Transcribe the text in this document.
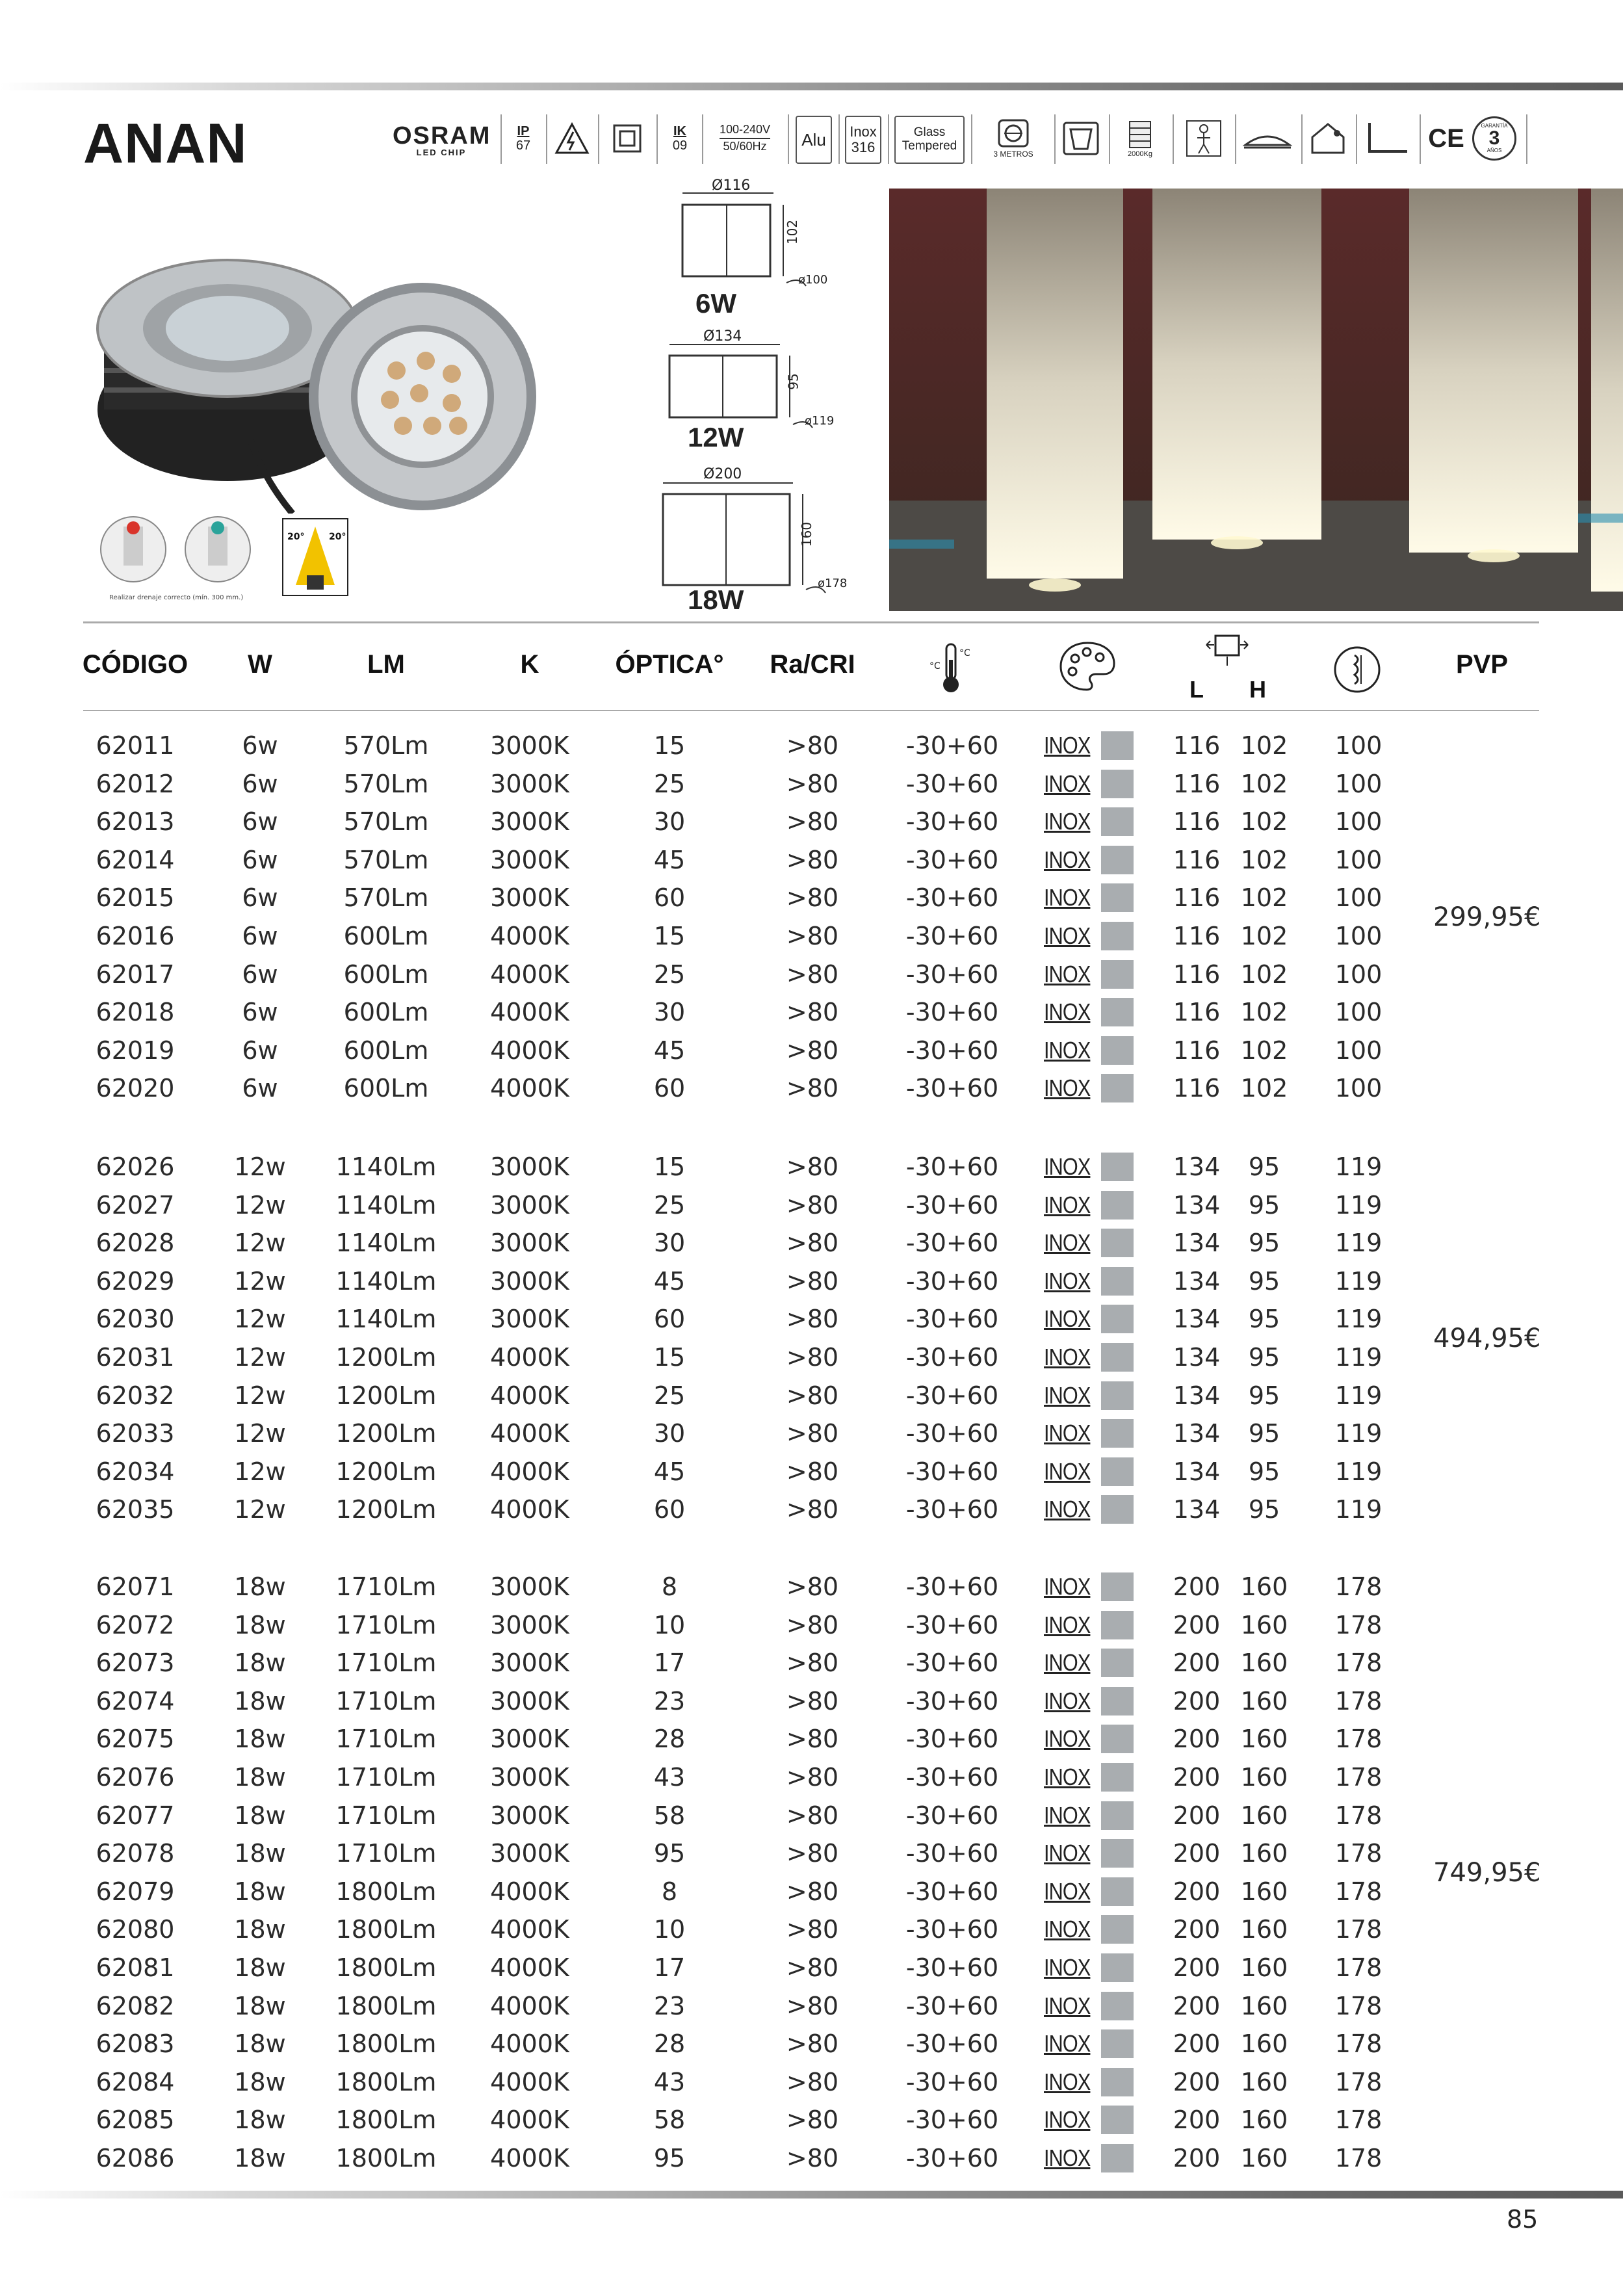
ANAN	OSRAM
LED CHIP
IP
67
IK
09
100-240V
50/60Hz Alu Inox
316
Glass
Tempered
3 METROS	2000Kg
CE	GARANTÍA
3
AÑOS
20°	20°
Realizar drenaje correcto (mín. 300 mm.)
Ø116
102
ø100
6W
Ø134
95
ø119
12W
Ø200
160
ø178
18W
CÓDIGO W	LM	K	ÓPTICA° Ra/CRI	°C
°C
L H
PVP
62011	6w	570Lm 3000K	15	>80	-30+60 INOX	116 102 100
62012	6w	570Lm 3000K	25	>80	-30+60 INOX	116 102 100
62013	6w	570Lm 3000K	30	>80	-30+60 INOX	116 102 100
62014	6w	570Lm 3000K	45	>80	-30+60 INOX	116 102 100
62015	6w	570Lm 3000K	60	>80	-30+60 INOX	116 102 100
62016	6w	600Lm 4000K	15	>80	-30+60 INOX	116 102 100
62017	6w	600Lm 4000K	25	>80	-30+60 INOX	116 102 100
62018	6w	600Lm 4000K	30	>80	-30+60 INOX	116 102 100
62019	6w	600Lm 4000K	45	>80	-30+60 INOX	116 102 100
62020	6w	600Lm 4000K	60	>80	-30+60 INOX	116 102 100
299,95€
62026 12w 1140Lm 3000K	15	>80	-30+60 INOX	134 95 119
62027 12w 1140Lm 3000K	25	>80	-30+60 INOX	134 95 119
62028 12w 1140Lm 3000K	30	>80	-30+60 INOX	134 95 119
62029 12w 1140Lm 3000K	45	>80	-30+60 INOX	134 95 119
62030 12w 1140Lm 3000K	60	>80	-30+60 INOX	134 95 119
62031 12w 1200Lm 4000K	15	>80	-30+60 INOX	134 95 119
62032 12w 1200Lm 4000K	25	>80	-30+60 INOX	134 95 119
62033 12w 1200Lm 4000K	30	>80	-30+60 INOX	134 95 119
62034 12w 1200Lm 4000K	45	>80	-30+60 INOX	134 95 119
62035 12w 1200Lm 4000K	60	>80	-30+60 INOX	134 95 119
494,95€
62071 18w 1710Lm 3000K	8	>80	-30+60 INOX	200 160 178
62072 18w 1710Lm 3000K	10	>80	-30+60 INOX	200 160 178
62073 18w 1710Lm 3000K	17	>80	-30+60 INOX	200 160 178
62074 18w 1710Lm 3000K	23	>80	-30+60 INOX	200 160 178
62075 18w 1710Lm 3000K	28	>80	-30+60 INOX	200 160 178
62076 18w 1710Lm 3000K	43	>80	-30+60 INOX	200 160 178
62077 18w 1710Lm 3000K	58	>80	-30+60 INOX	200 160 178
62078 18w 1710Lm 3000K	95	>80	-30+60 INOX	200 160 178
62079 18w 1800Lm 4000K	8	>80	-30+60 INOX	200 160 178
62080 18w 1800Lm 4000K	10	>80	-30+60 INOX	200 160 178
62081 18w 1800Lm 4000K	17	>80	-30+60 INOX	200 160 178
62082 18w 1800Lm 4000K	23	>80	-30+60 INOX	200 160 178
62083 18w 1800Lm 4000K	28	>80	-30+60 INOX	200 160 178
62084 18w 1800Lm 4000K	43	>80	-30+60 INOX	200 160 178
62085 18w 1800Lm 4000K	58	>80	-30+60 INOX	200 160 178
62086 18w 1800Lm 4000K	95	>80	-30+60 INOX	200 160 178
749,95€
85
